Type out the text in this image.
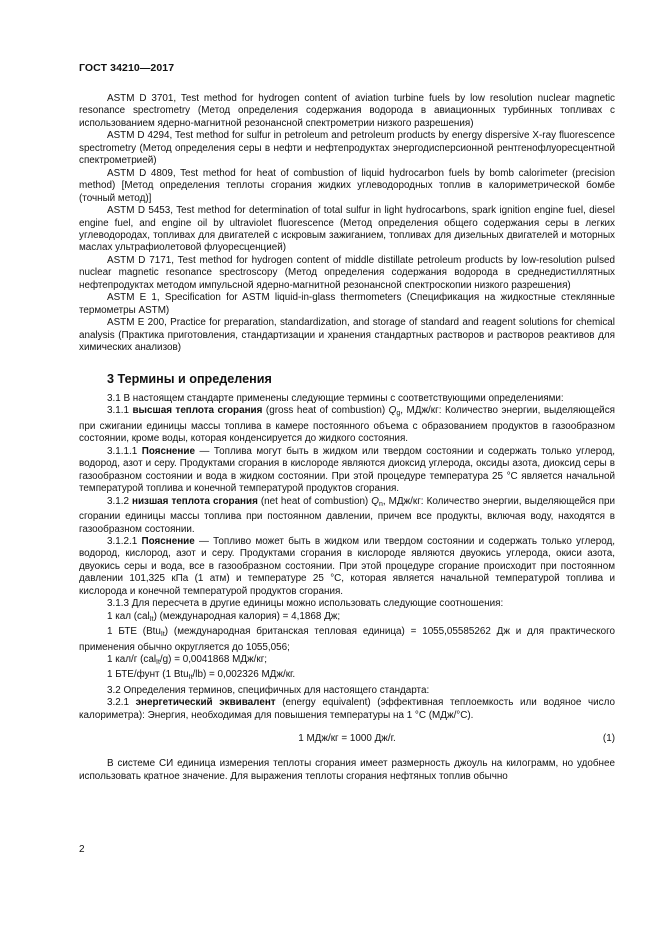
ГОСТ 34210—2017

ASTM D 3701, Test method for hydrogen content of aviation turbine fuels by low resolution nuclear magnetic resonance spectrometry (Метод определения содержания водорода в авиационных турбинных топливах с использованием ядерно-магнитной резонансной спектрометрии низкого разрешения)

ASTM D 4294, Test method for sulfur in petroleum and petroleum products by energy dispersive X-ray fluorescence spectrometry (Метод определения серы в нефти и нефтепродуктах энергодисперсионной рентгенофлуоресцентной спектрометрией)

ASTM D 4809, Test method for heat of combustion of liquid hydrocarbon fuels by bomb calorimeter (precision method) [Метод определения теплоты сгорания жидких углеводородных топлив в калориметрической бомбе (точный метод)]

ASTM D 5453, Test method for determination of total sulfur in light hydrocarbons, spark ignition engine fuel, diesel engine fuel, and engine oil by ultraviolet fluorescence (Метод определения общего содержания серы в легких углеводородах, топливах для двигателей с искровым зажиганием, топливах для дизельных двигателей и моторных маслах ультрафиолетовой флуоресценцией)

ASTM D 7171, Test method for hydrogen content of middle distillate petroleum products by low-resolution pulsed nuclear magnetic resonance spectroscopy (Метод определения содержания водорода в среднедистиллятных нефтепродуктах методом импульсной ядерно-магнитной резонансной спектроскопии низкого разрешения)

ASTM E 1, Specification for ASTM liquid-in-glass thermometers (Спецификация на жидкостные стеклянные термометры ASTM)

ASTM E 200, Practice for preparation, standardization, and storage of standard and reagent solutions for chemical analysis (Практика приготовления, стандартизации и хранения стандартных растворов и растворов реактивов для химических анализов)

3 Термины и определения

3.1 В настоящем стандарте применены следующие термины с соответствующими определениями:

3.1.1 высшая теплота сгорания (gross heat of combustion) $Q_g$, МДж/кг: Количество энергии, выделяющейся при сжигании единицы массы топлива в камере постоянного объема с образованием продуктов в газообразном состоянии, кроме воды, которая конденсируется до жидкого состояния.

3.1.1.1 Пояснение — Топлива могут быть в жидком или твердом состоянии и содержать только углерод, водород, азот и серу. Продуктами сгорания в кислороде являются диоксид углерода, оксиды азота, диоксид серы в газообразном состоянии и вода в жидком состоянии. При этой процедуре температура 25 °С является начальной температурой топлива и конечной температурой продуктов сгорания.

3.1.2 низшая теплота сгорания (net heat of combustion) $Q_n$, МДж/кг: Количество энергии, выделяющейся при сгорании единицы массы топлива при постоянном давлении, причем все продукты, включая воду, находятся в газообразном состоянии.

3.1.2.1 Пояснение — Топливо может быть в жидком или твердом состоянии и содержать только углерод, водород, кислород, азот и серу. Продуктами сгорания в кислороде являются двуокись углерода, окиси азота, двуокись серы и вода, все в газообразном состоянии. При этой процедуре сгорание происходит при постоянном давлении 101,325 кПа (1 атм) и температуре 25 °С, которая является начальной температурой топлива и кислорода и конечной температурой продуктов сгорания.

3.1.3 Для пересчета в другие единицы можно использовать следующие соотношения:

1 кал (cal$_{It}$) (международная калория) = 4,1868 Дж;

1 БТЕ (Btu$_{It}$) (международная британская тепловая единица) = 1055,05585262 Дж и для практического применения обычно округляется до 1055,056;

1 кал/г (cal$_{It}$/g) = 0,0041868 МДж/кг;

1 БТЕ/фунт (1 Btu$_{It}$/lb) = 0,002326 МДж/кг.

3.2 Определения терминов, специфичных для настоящего стандарта:

3.2.1 энергетический эквивалент (energy equivalent) (эффективная теплоемкость или водяное число калориметра): Энергия, необходимая для повышения температуры на 1 °С (МДж/°С).

1 МДж/кг = 1000 Дж/г.	(1)

В системе СИ единица измерения теплоты сгорания имеет размерность джоуль на килограмм, но удобнее использовать кратное значение. Для выражения теплоты сгорания нефтяных топлив обычно

2
